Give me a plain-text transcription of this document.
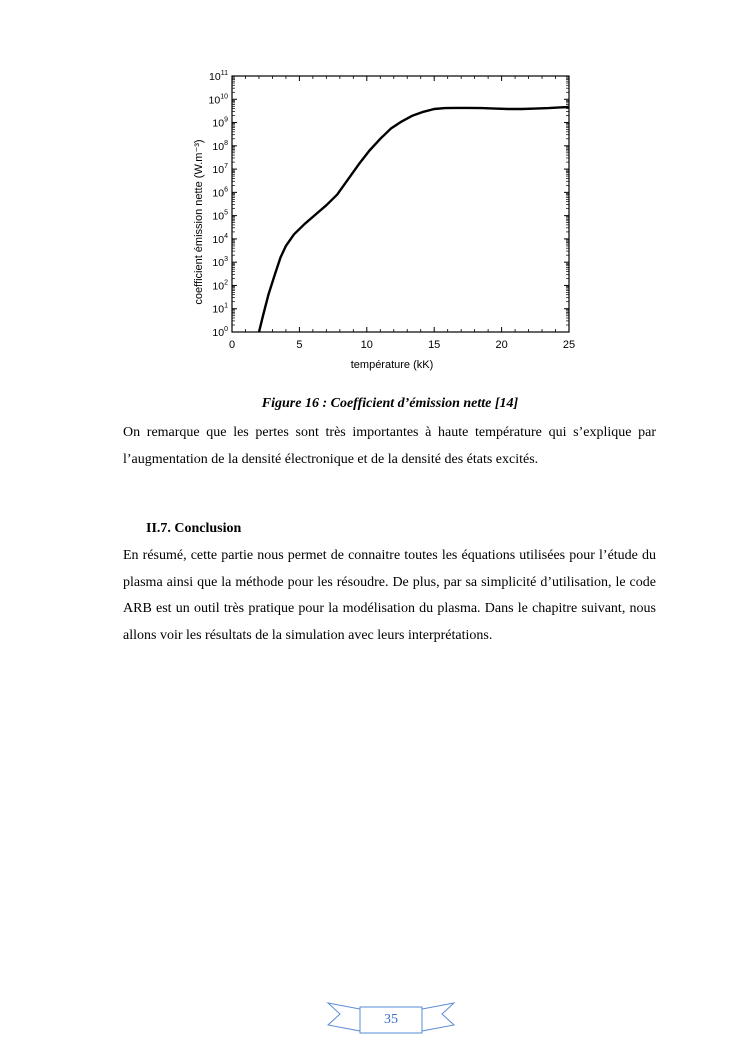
0	5	10	15	20	25
$10^0$
$10^1$
$10^2$
$10^3$
$10^4$
$10^5$
$10^6$
$10^7$
$10^8$
$10^9$
$10^{10}$
$10^{11}$
température (kK)
coefficient émission nette (W.m⁻³)
Figure 16 : Coefficient d’émission nette [14]

On remarque que les pertes sont très importantes à haute température qui s’explique par l’augmentation de la densité électronique et de la densité des états excités.

II.7. Conclusion

En résumé, cette partie nous permet de connaitre toutes les équations utilisées pour l’étude du plasma ainsi que la méthode pour les résoudre. De plus, par sa simplicité d’utilisation, le code ARB est un outil très pratique pour la modélisation du plasma. Dans le chapitre suivant, nous allons voir les résultats de la simulation avec leurs interprétations.

35
